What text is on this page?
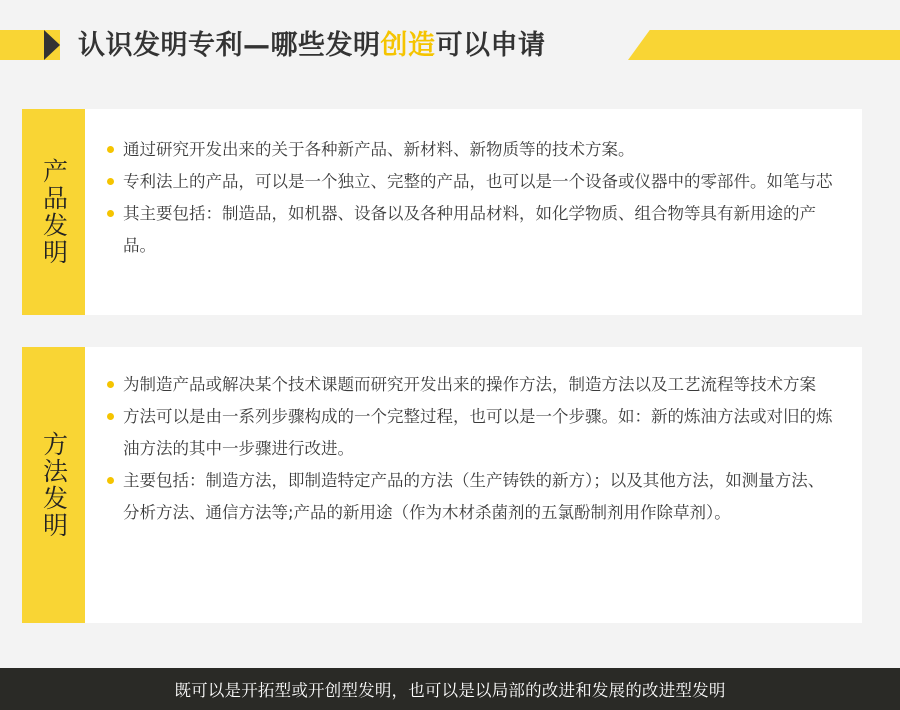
认识发明专利—哪些发明创造可以申请
产品发明
通过研究开发出来的关于各种新产品、新材料、新物质等的技术方案。
专利法上的产品，可以是一个独立、完整的产品，也可以是一个设备或仪器中的零部件。如笔与芯
其主要包括：制造品，如机器、设备以及各种用品材料，如化学物质、组合物等具有新用途的产品。
方法发明
为制造产品或解决某个技术课题而研究开发出来的操作方法，制造方法以及工艺流程等技术方案
方法可以是由一系列步骤构成的一个完整过程，也可以是一个步骤。如：新的炼油方法或对旧的炼油方法的其中一步骤进行改进。
主要包括：制造方法，即制造特定产品的方法（生产铸铁的新方）；以及其他方法，如测量方法、分析方法、通信方法等;产品的新用途（作为木材杀菌剂的五氯酚制剂用作除草剂）。
既可以是开拓型或开创型发明，也可以是以局部的改进和发展的改进型发明
